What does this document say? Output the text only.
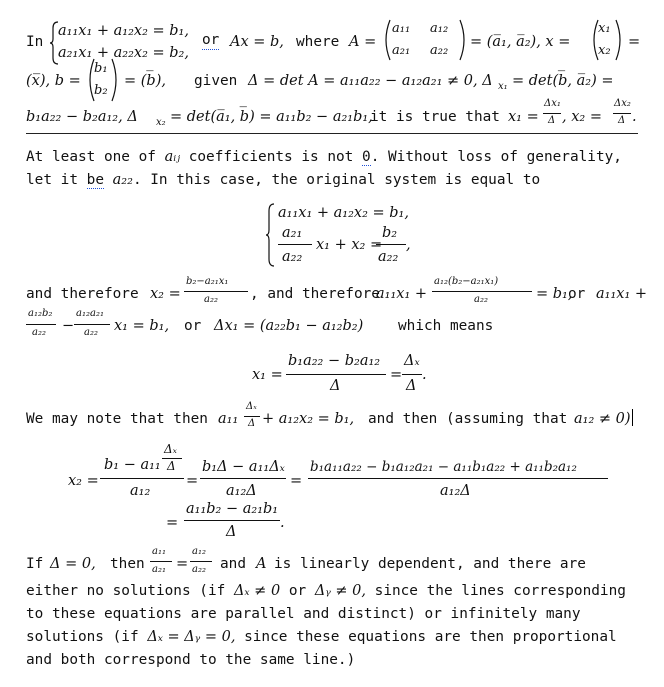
In
a₁₁x₁ + a₁₂x₂ = b₁,
a₂₁x₁ + a₂₂x₂ = b₂,
or Ax = b, where A =
a₁₁ a₁₂
a₂₁ a₂₂
= (a̅₁, a̅₂), x =
x₁
x₂
=
(x̅), b =
b₁
b₂
= (b̅), given Δ = det A = a₁₁a₂₂ − a₁₂a₂₁ ≠ 0, Δ x₁ = det(b̅, a̅₂) =
b₁a₂₂ − b₂a₁₂, Δ x₂ = det(a̅₁, b̅) = a₁₁b₂ − a₂₁b₁,
it is true that x₁ =
Δx₁
Δ , x₂ =
Δx₂
Δ .
At least one of aᵢⱼ coefficients is not 0. Without loss of generality,
let it be a₂₂. In this case, the original system is equal to
a₁₁x₁ + a₁₂x₂ = b₁,
a₂₁
a₂₂
x₁ + x₂ =
b₂
a₂₂
,
and therefore x₂ =
b₂−a₂₁x₁
a₂₂ , and therefore
a₁₁x₁ +
a₁₂(b₂−a₂₁x₁)
a₂₂	= b₁,
or a₁₁x₁ +
a₁₂b₂
a₂₂ −
a₁₂a₂₁
a₂₂ x₁ = b₁, or Δx₁ = (a₂₂b₁ − a₁₂b₂) which means
x₁ =
b₁a₂₂ − b₂a₁₂
Δ
=
Δₓ
Δ
.
We may note that then a₁₁
Δₓ
Δ + a₁₂x₂ = b₁, and then (assuming that a₁₂ ≠ 0)
x₂ =
b₁ − a₁₁
Δₓ
Δ
a₁₂
=
b₁Δ − a₁₁Δₓ
a₁₂Δ
=
b₁a₁₁a₂₂ − b₁a₁₂a₂₁ − a₁₁b₁a₂₂ + a₁₁b₂a₁₂
a₁₂Δ
=
a₁₁b₂ − a₂₁b₁
Δ
.
If Δ = 0, then
a₁₁
a₂₁ =
a₁₂
a₂₂ and A is linearly dependent, and there are
either no solutions (if Δₓ ≠ 0 or Δᵧ ≠ 0, since the lines corresponding
to these equations are parallel and distinct) or infinitely many
solutions (if Δₓ = Δᵧ = 0, since these equations are then proportional
and both correspond to the same line.)
